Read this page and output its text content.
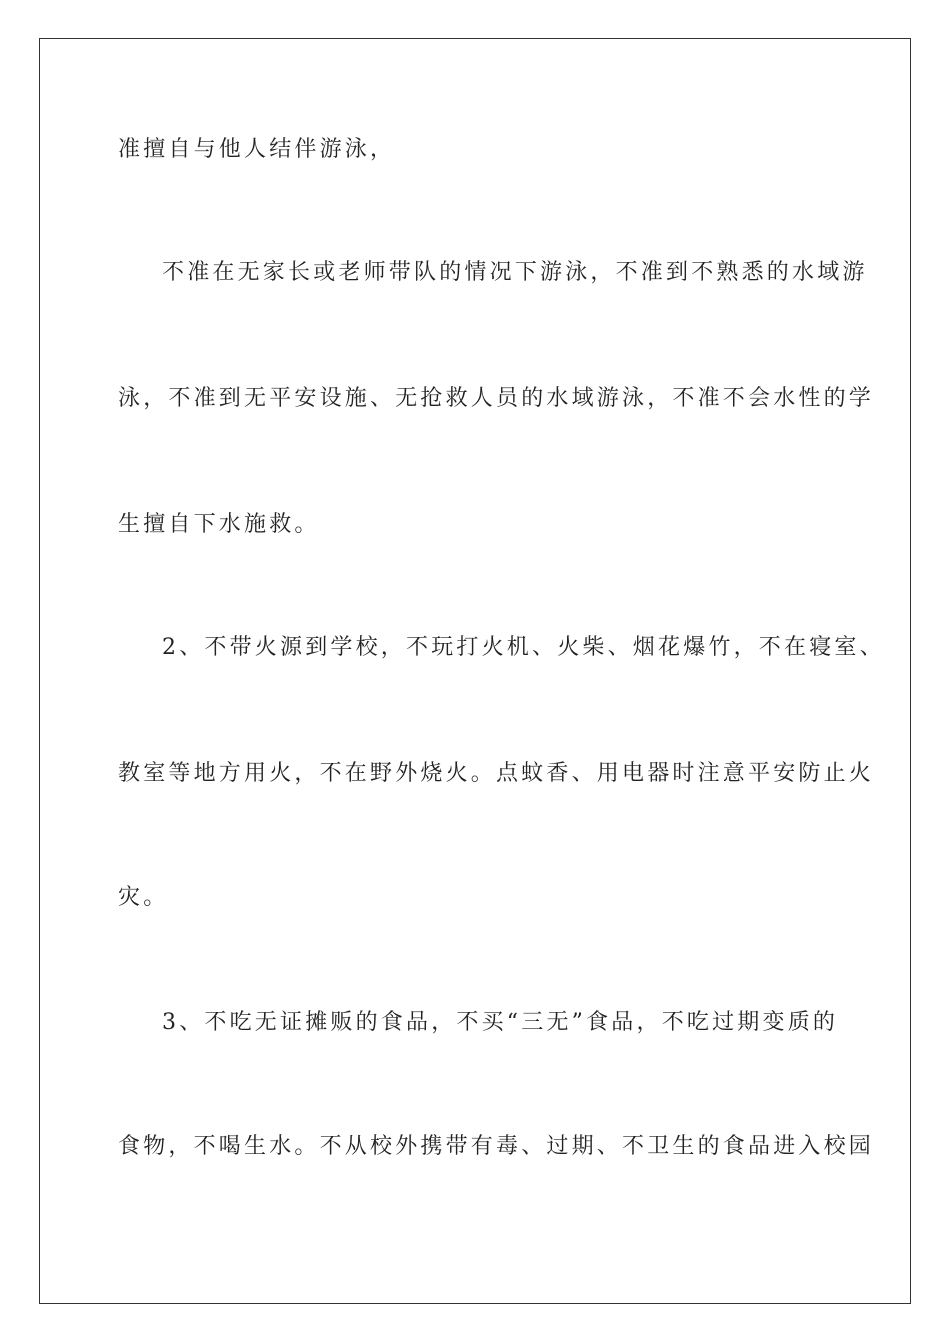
准擅自与他人结伴游泳，
不准在无家长或老师带队的情况下游泳，不准到不熟悉的水域游
泳，不准到无平安设施、无抢救人员的水域游泳，不准不会水性的学
生擅自下水施救。
2、不带火源到学校，不玩打火机、火柴、烟花爆竹，不在寝室、
教室等地方用火，不在野外烧火。点蚊香、用电器时注意平安防止火
灾。
3、不吃无证摊贩的食品，不买“三无”食品，不吃过期变质的
食物，不喝生水。不从校外携带有毒、过期、不卫生的食品进入校园
